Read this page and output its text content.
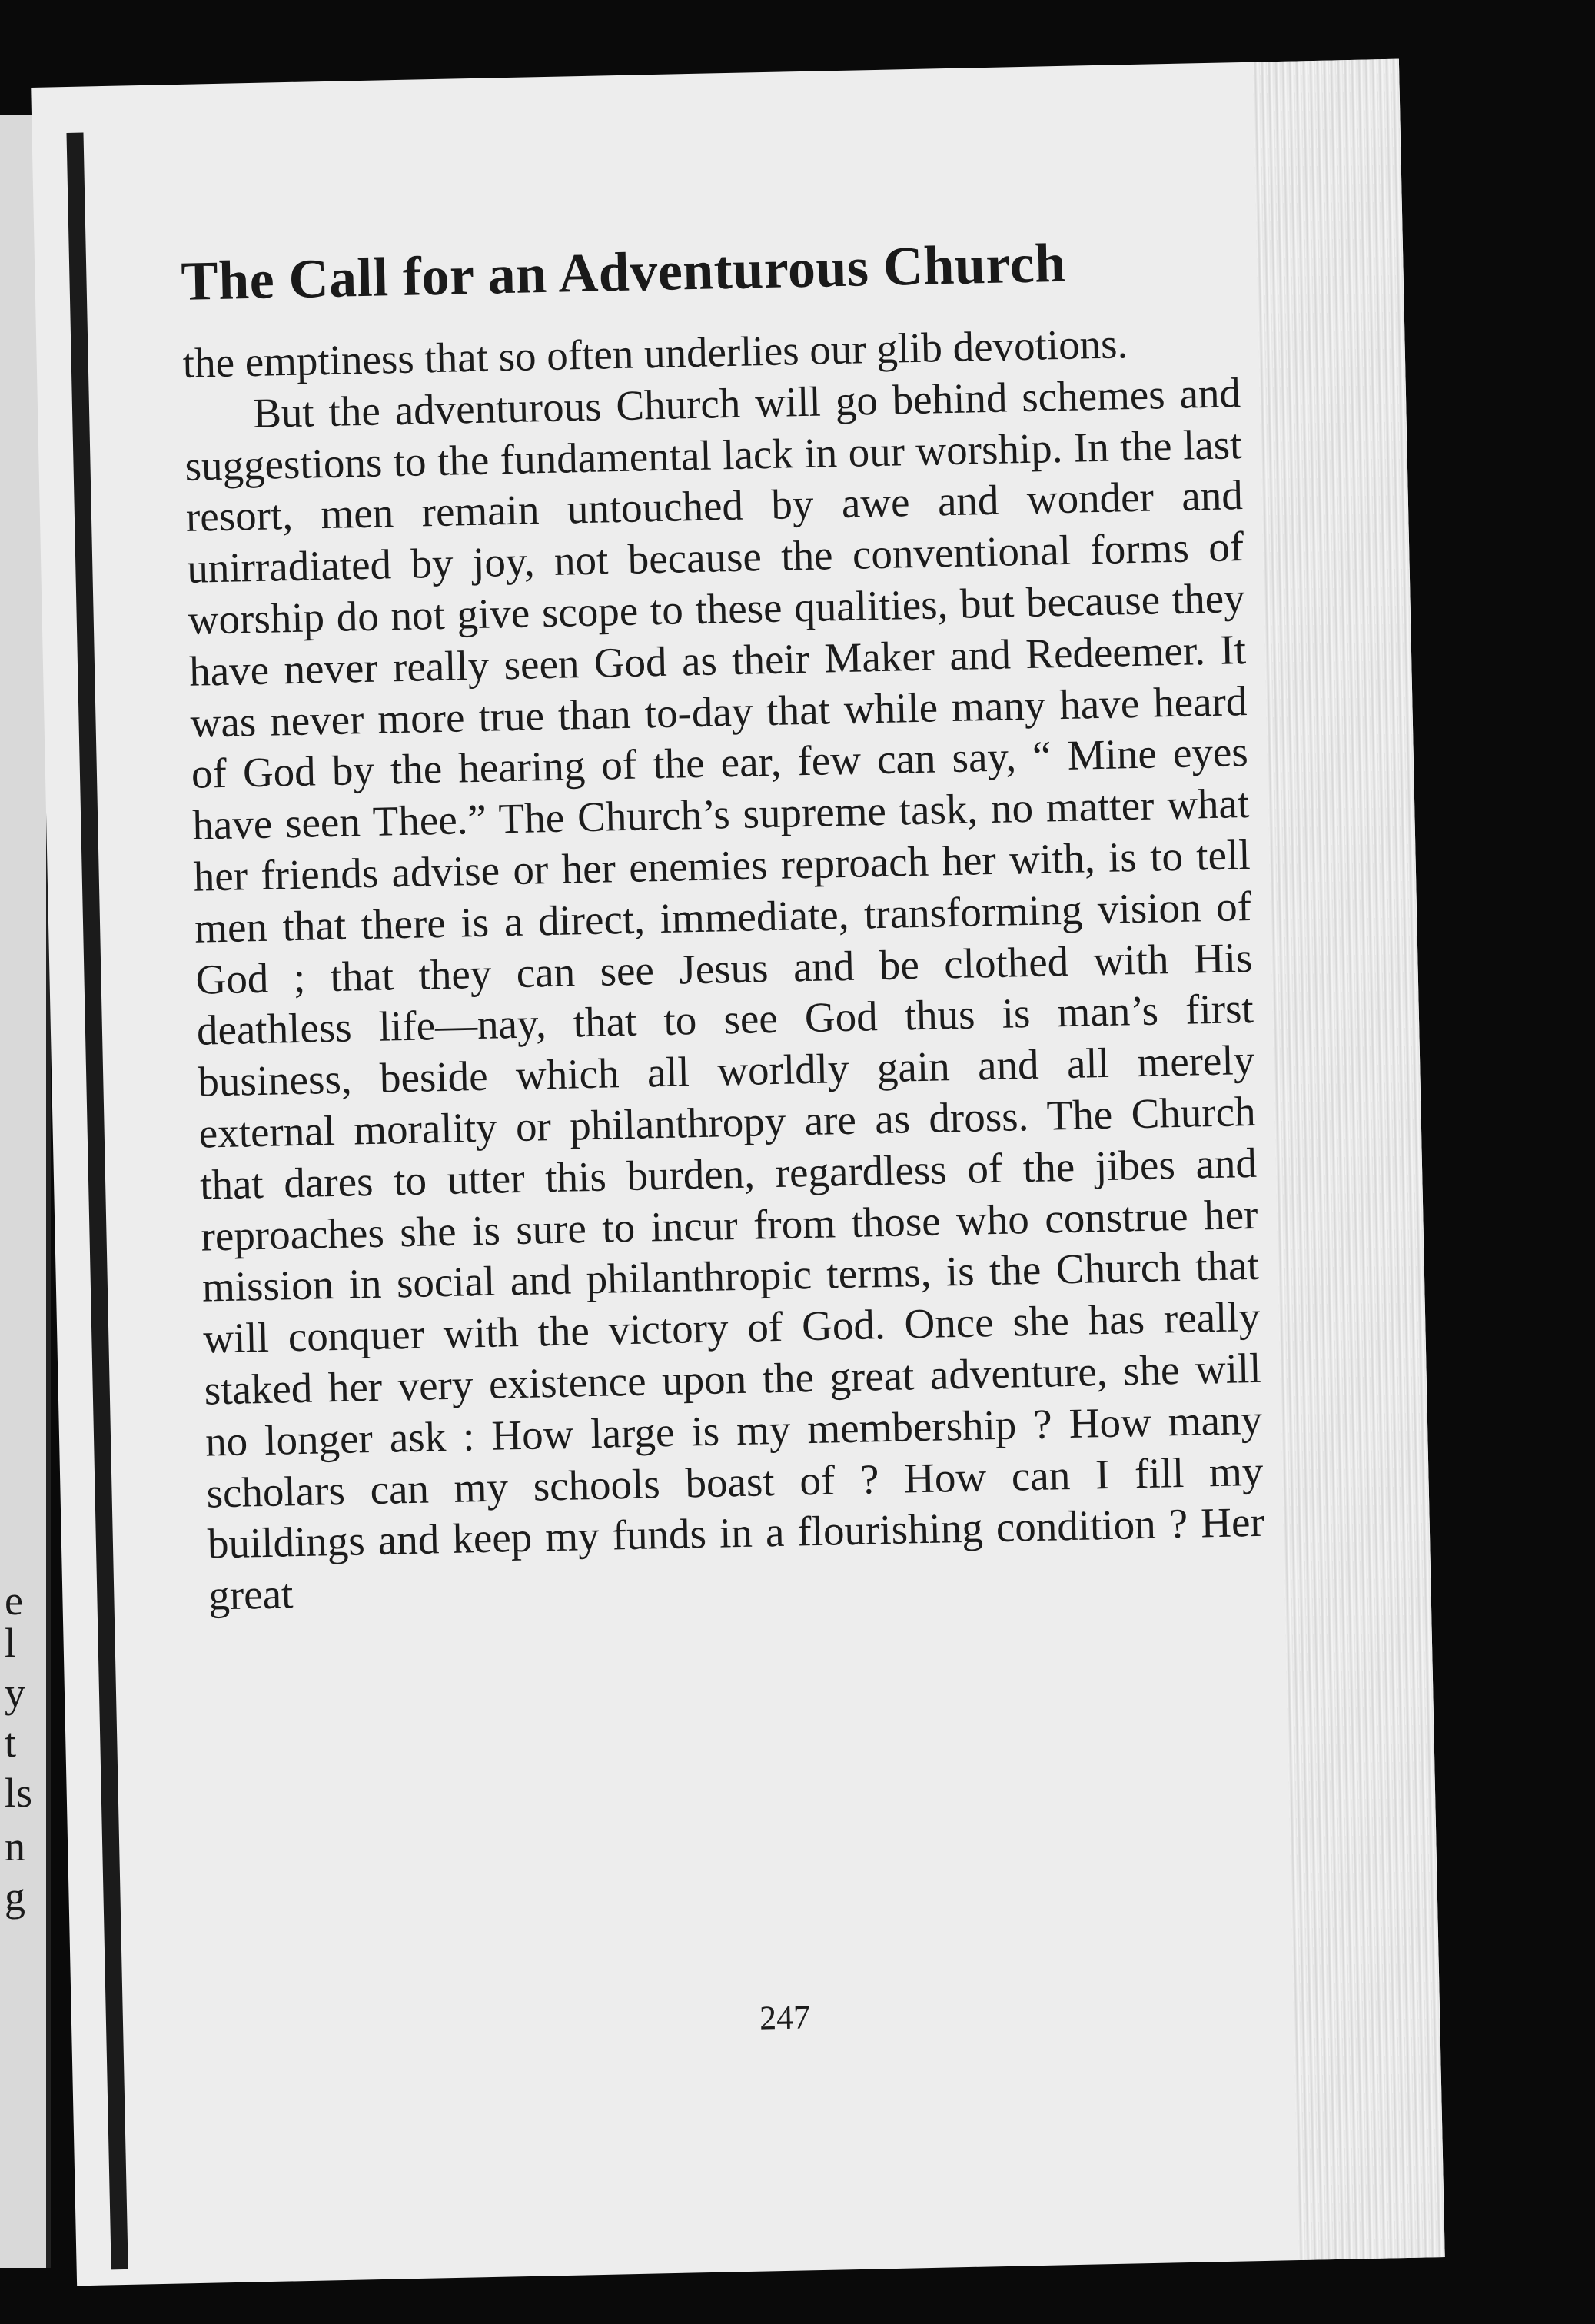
e
l
y
t
ls
n
g
The Call for an Adventurous Church

the emptiness that so often underlies our glib devotions.

But the adventurous Church will go behind schemes and suggestions to the fundamental lack in our worship. In the last resort, men remain untouched by awe and wonder and unirradiated by joy, not because the conventional forms of worship do not give scope to these qualities, but because they have never really seen God as their Maker and Redeemer. It was never more true than to-day that while many have heard of God by the hearing of the ear, few can say, “ Mine eyes have seen Thee.” The Church’s supreme task, no matter what her friends advise or her enemies reproach her with, is to tell men that there is a direct, immediate, transforming vision of God ; that they can see Jesus and be clothed with His deathless life—nay, that to see God thus is man’s first business, beside which all worldly gain and all merely external morality or philanthropy are as dross. The Church that dares to utter this burden, regardless of the jibes and reproaches she is sure to incur from those who construe her mission in social and philanthropic terms, is the Church that will conquer with the victory of God. Once she has really staked her very existence upon the great adventure, she will no longer ask : How large is my membership ? How many scholars can my schools boast of ? How can I fill my buildings and keep my funds in a flourishing condition ? Her great

247
